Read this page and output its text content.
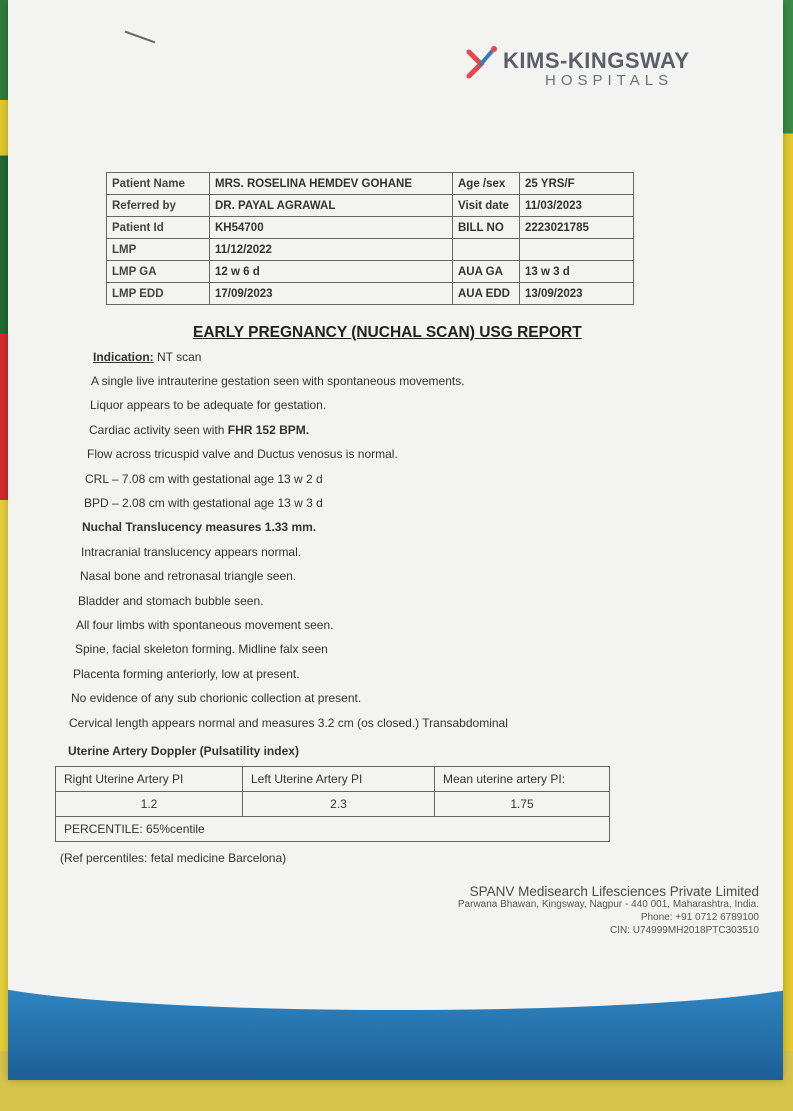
KIMS-KINGSWAY
HOSPITALS
Patient Name	MRS. ROSELINA HEMDEV GOHANE	Age /sex	25 YRS/F
Referred by	DR. PAYAL AGRAWAL	Visit date	11/03/2023
Patient Id	KH54700	BILL NO	2223021785
LMP	11/12/2022		
LMP GA	12 w 6 d	AUA GA	13 w 3 d
LMP EDD	17/09/2023	AUA EDD	13/09/2023
EARLY PREGNANCY (NUCHAL SCAN) USG REPORT
Indication: NT scan
A single live intrauterine gestation seen with spontaneous movements.
Liquor appears to be adequate for gestation.
Cardiac activity seen with FHR 152 BPM.
Flow across tricuspid valve and Ductus venosus is normal.
CRL – 7.08 cm with gestational age 13 w 2 d
BPD – 2.08 cm with gestational age 13 w 3 d
Nuchal Translucency measures 1.33 mm.
Intracranial translucency appears normal.
Nasal bone and retronasal triangle seen.
Bladder and stomach bubble seen.
All four limbs with spontaneous movement seen.
Spine, facial skeleton forming. Midline falx seen
Placenta forming anteriorly, low at present.
No evidence of any sub chorionic collection at present.
Cervical length appears normal and measures 3.2 cm (os closed.) Transabdominal
Uterine Artery Doppler (Pulsatility index)
Right Uterine Artery PI	Left Uterine Artery PI	Mean uterine artery PI:
1.2	2.3	1.75
PERCENTILE: 65%centile		
(Ref percentiles: fetal medicine Barcelona)
SPANV Medisearch Lifesciences Private Limited
Parwana Bhawan, Kingsway, Nagpur - 440 001, Maharashtra, India.
Phone: +91 0712 6789100
CIN: U74999MH2018PTC303510
